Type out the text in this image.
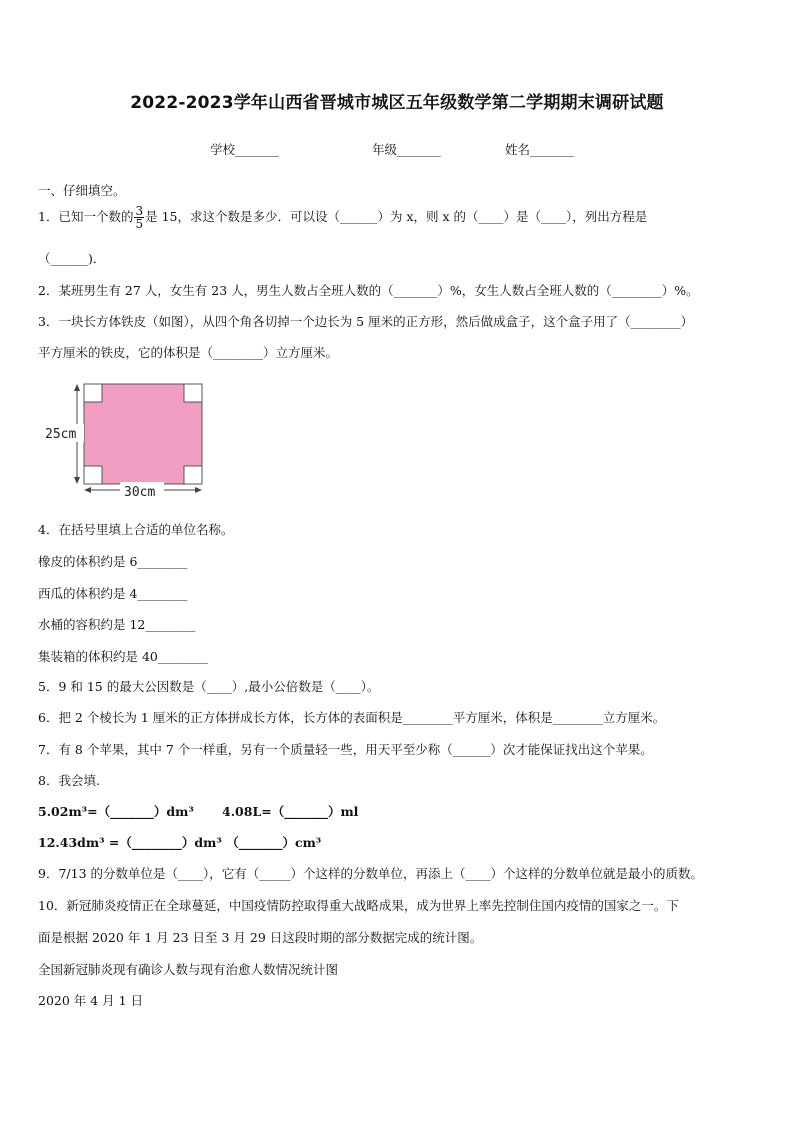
2022-2023学年山西省晋城市城区五年级数学第二学期期末调研试题
学校_______	年级_______	姓名_______
一、仔细填空。
1．已知一个数的 $\frac{3}{5}$ 是 15，求这个数是多少．可以设（______）为 x，则 x 的（____）是（____），列出方程是
（______)．
2．某班男生有 27 人，女生有 23 人，男生人数占全班人数的（_______）%，女生人数占全班人数的（________）%。
3．一块长方体铁皮（如图），从四个角各切掉一个边长为 5 厘米的正方形，然后做成盒子，这个盒子用了（________）
平方厘米的铁皮，它的体积是（________）立方厘米。
25cm
30cm
4．在括号里填上合适的单位名称。
橡皮的体积约是 6________
西瓜的体积约是 4________
水桶的容积约是 12________
集装箱的体积约是 40________
5．9 和 15 的最大公因数是（____）,最小公倍数是（____）。
6．把 2 个棱长为 1 厘米的正方体拼成长方体，长方体的表面积是________平方厘米，体积是________立方厘米。
7．有 8 个苹果，其中 7 个一样重，另有一个质量轻一些，用天平至少称（______）次才能保证找出这个苹果。
8．我会填.
5.02m³=（_______）dm³ 4.08L=（_______）ml
12.43dm³ =（________）dm³ （_______）cm³
9．7/13 的分数单位是（____），它有（_____）个这样的分数单位，再添上（____）个这样的分数单位就是最小的质数。
10．新冠肺炎疫情正在全球蔓延，中国疫情防控取得重大战略成果，成为世界上率先控制住国内疫情的国家之一。下
面是根据 2020 年 1 月 23 日至 3 月 29 日这段时期的部分数据完成的统计图。
全国新冠肺炎现有确诊人数与现有治愈人数情况统计图
2020 年 4 月 1 日
